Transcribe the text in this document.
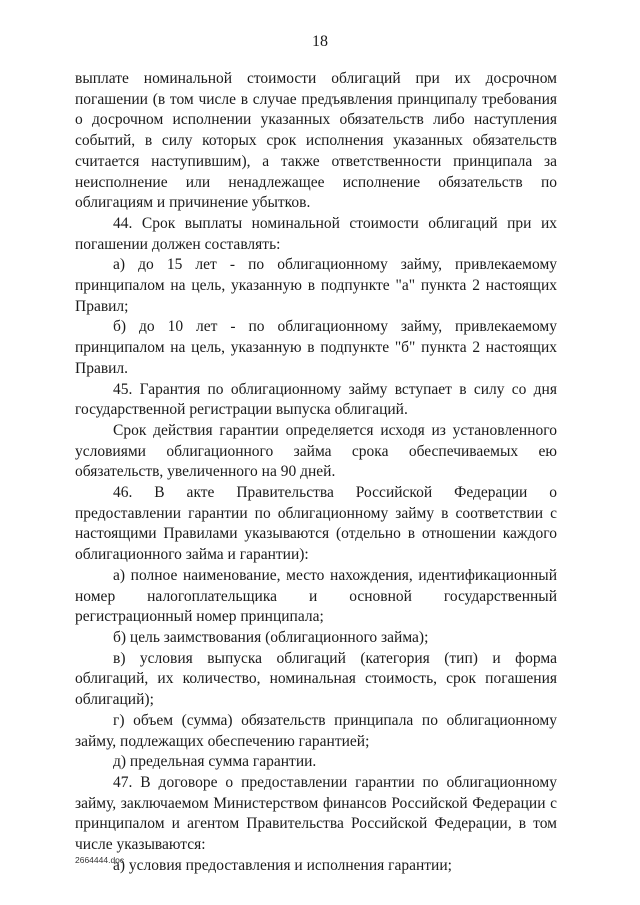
18

выплате номинальной стоимости облигаций при их досрочном погашении (в том числе в случае предъявления принципалу требования о досрочном исполнении указанных обязательств либо наступления событий, в силу которых срок исполнения указанных обязательств считается наступившим), а также ответственности принципала за неисполнение или ненадлежащее исполнение обязательств по облигациям и причинение убытков.

44. Срок выплаты номинальной стоимости облигаций при их погашении должен составлять:

а) до 15 лет - по облигационному займу, привлекаемому принципалом на цель, указанную в подпункте "а" пункта 2 настоящих Правил;

б) до 10 лет - по облигационному займу, привлекаемому принципалом на цель, указанную в подпункте "б" пункта 2 настоящих Правил.

45. Гарантия по облигационному займу вступает в силу со дня государственной регистрации выпуска облигаций.

Срок действия гарантии определяется исходя из установленного условиями облигационного займа срока обеспечиваемых ею обязательств, увеличенного на 90 дней.

46. В акте Правительства Российской Федерации о предоставлении гарантии по облигационному займу в соответствии с настоящими Правилами указываются (отдельно в отношении каждого облигационного займа и гарантии):

а) полное наименование, место нахождения, идентификационный номер налогоплательщика и основной государственный регистрационный номер принципала;

б) цель заимствования (облигационного займа);

в) условия выпуска облигаций (категория (тип) и форма облигаций, их количество, номинальная стоимость, срок погашения облигаций);

г) объем (сумма) обязательств принципала по облигационному займу, подлежащих обеспечению гарантией;

д) предельная сумма гарантии.

47. В договоре о предоставлении гарантии по облигационному займу, заключаемом Министерством финансов Российской Федерации с принципалом и агентом Правительства Российской Федерации, в том числе указываются:

а) условия предоставления и исполнения гарантии;

2664444.doc
